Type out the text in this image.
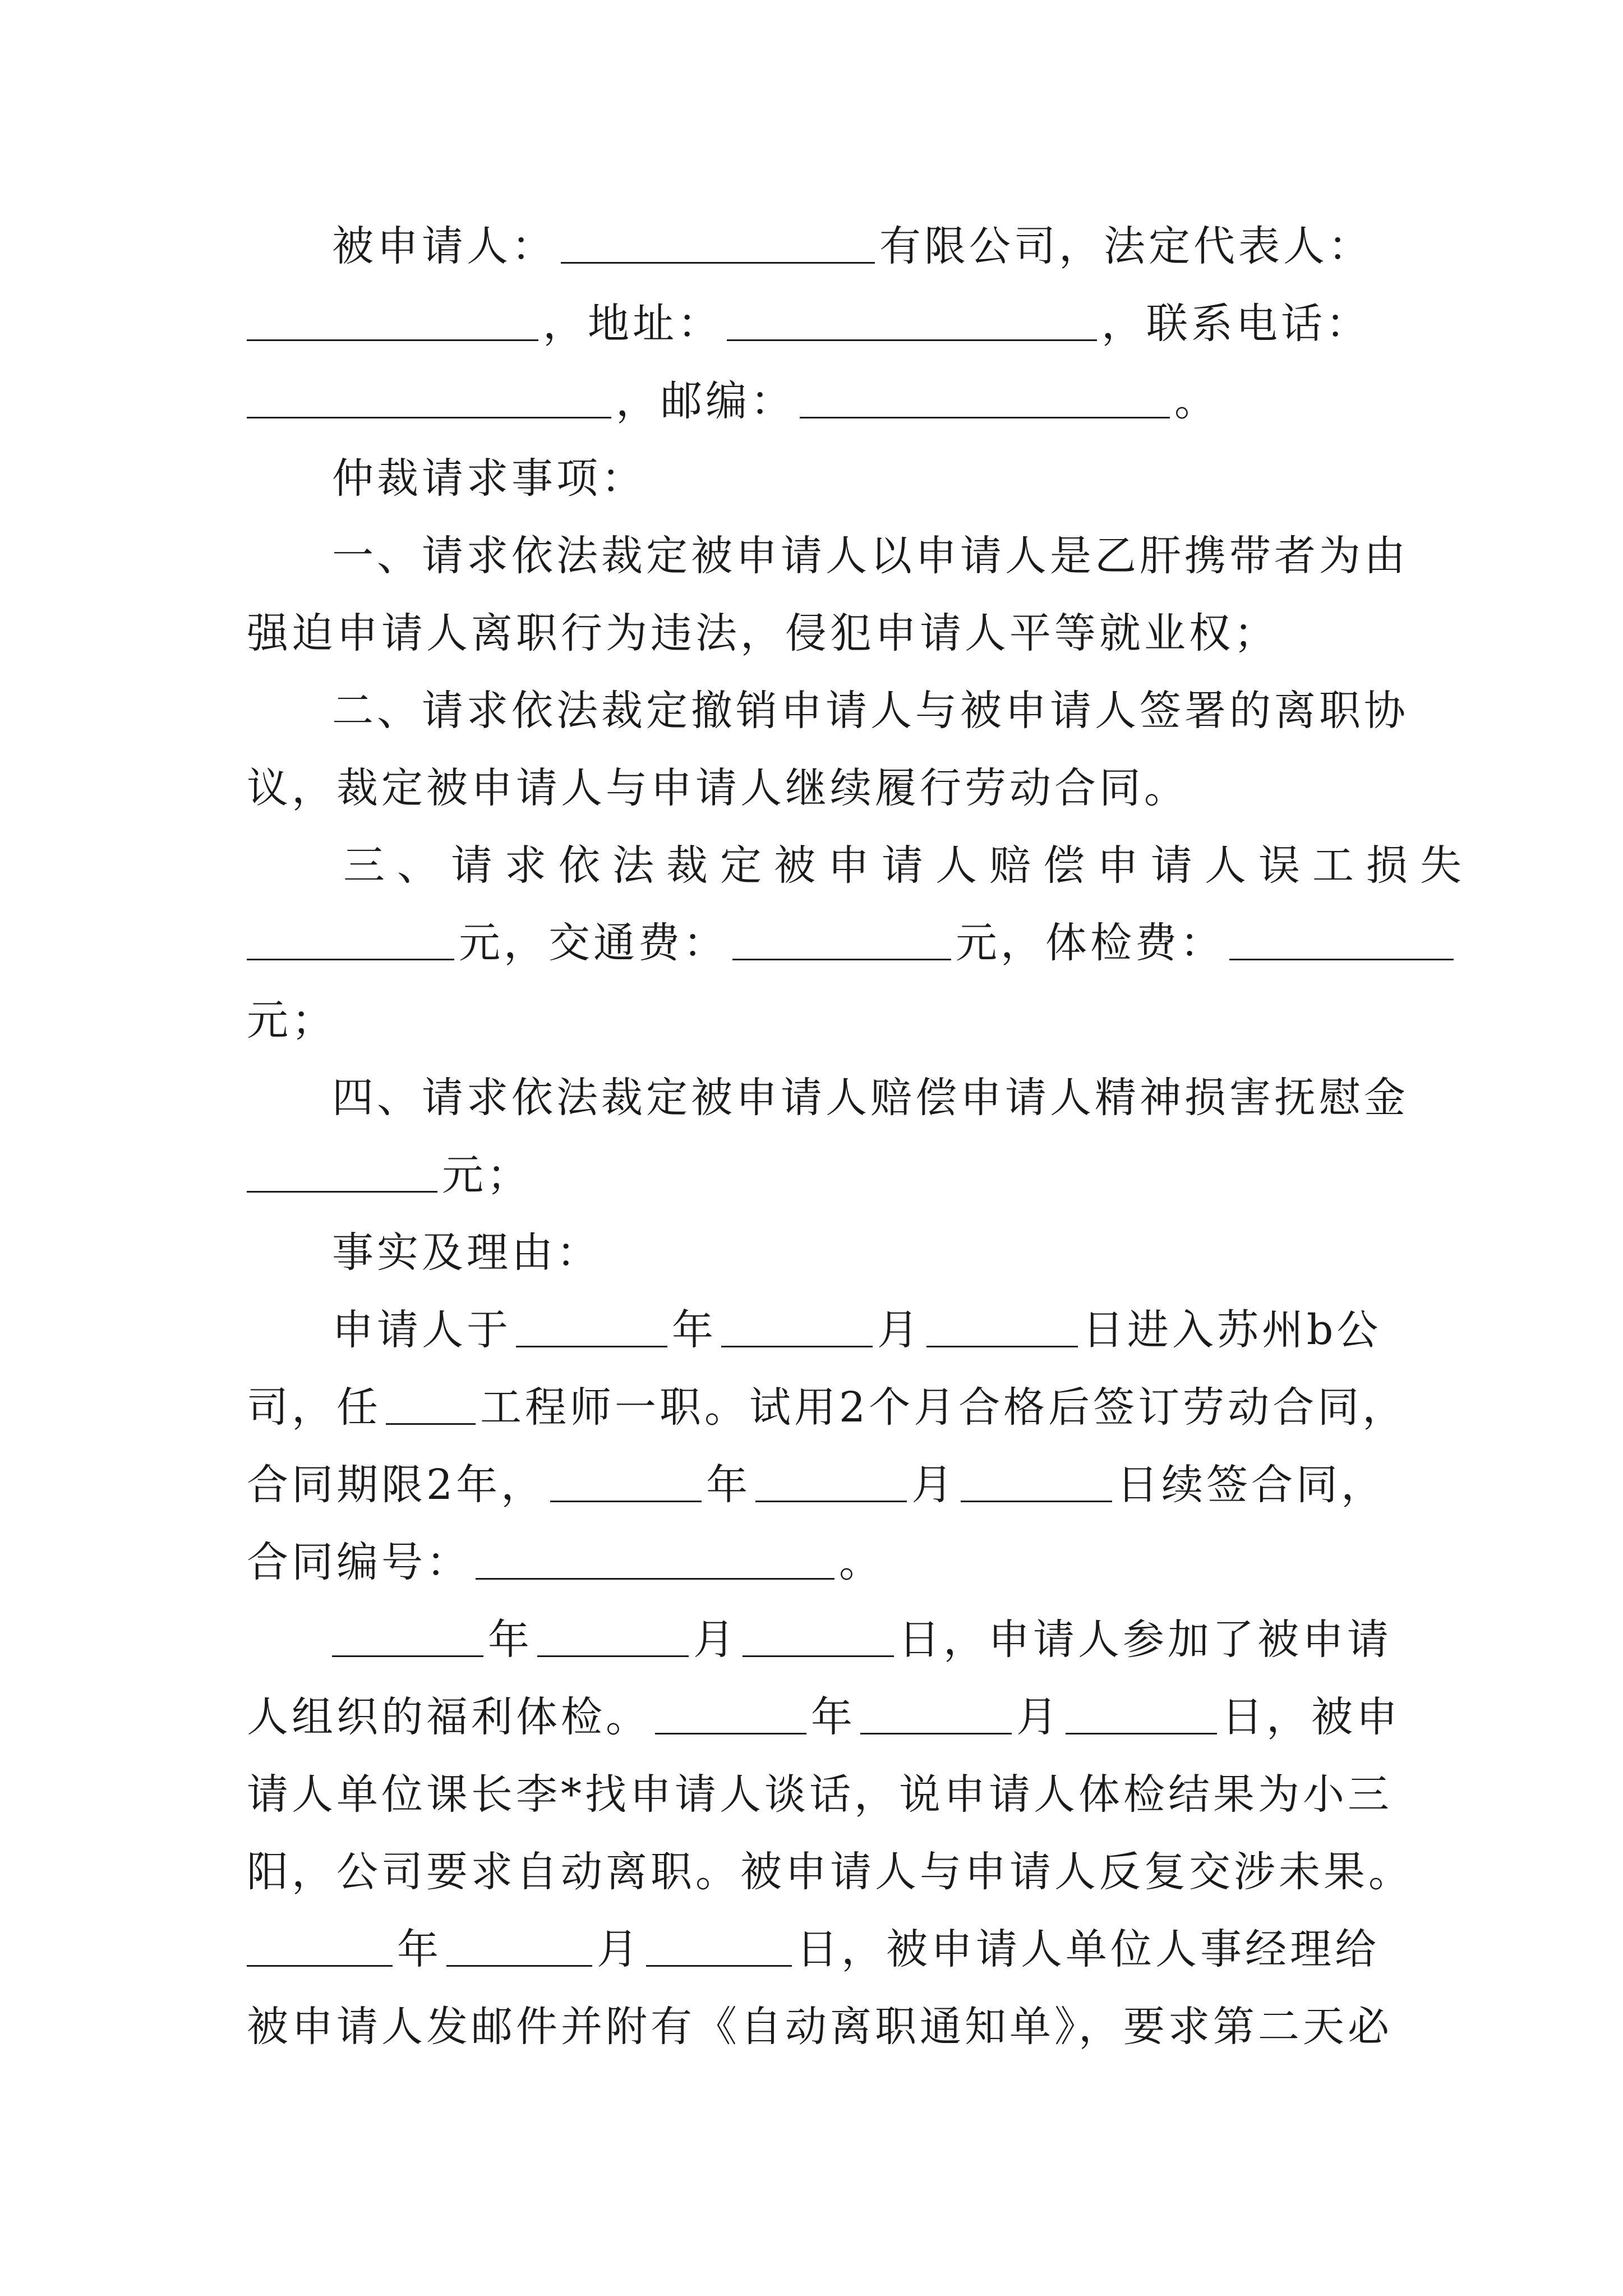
被申请人：	有限公司，法定代表人：
，地址：	，联系电话：
，邮编：	。
仲裁请求事项：
一、请求依法裁定被申请人以申请人是乙肝携带者为由
强迫申请人离职行为违法，侵犯申请人平等就业权；
二、请求依法裁定撤销申请人与被申请人签署的离职协
议，裁定被申请人与申请人继续履行劳动合同。
三、请求依法裁定被申请人赔偿申请人误工损失
元，交通费：	元，体检费：
元；
四、请求依法裁定被申请人赔偿申请人精神损害抚慰金
元；
事实及理由：
申请人于	年	月	日进入苏州b公
司，任 工程师一职。试用2个月合格后签订劳动合同，
合同期限2年，	年	月	日续签合同，
合同编号：	。
年	月	日，申请人参加了被申请
人组织的福利体检。	年	月	日，被申
请人单位课长李*找申请人谈话，说申请人体检结果为小三
阳，公司要求自动离职。被申请人与申请人反复交涉未果。
年	月	日，被申请人单位人事经理给
被申请人发邮件并附有《自动离职通知单》，要求第二天必
